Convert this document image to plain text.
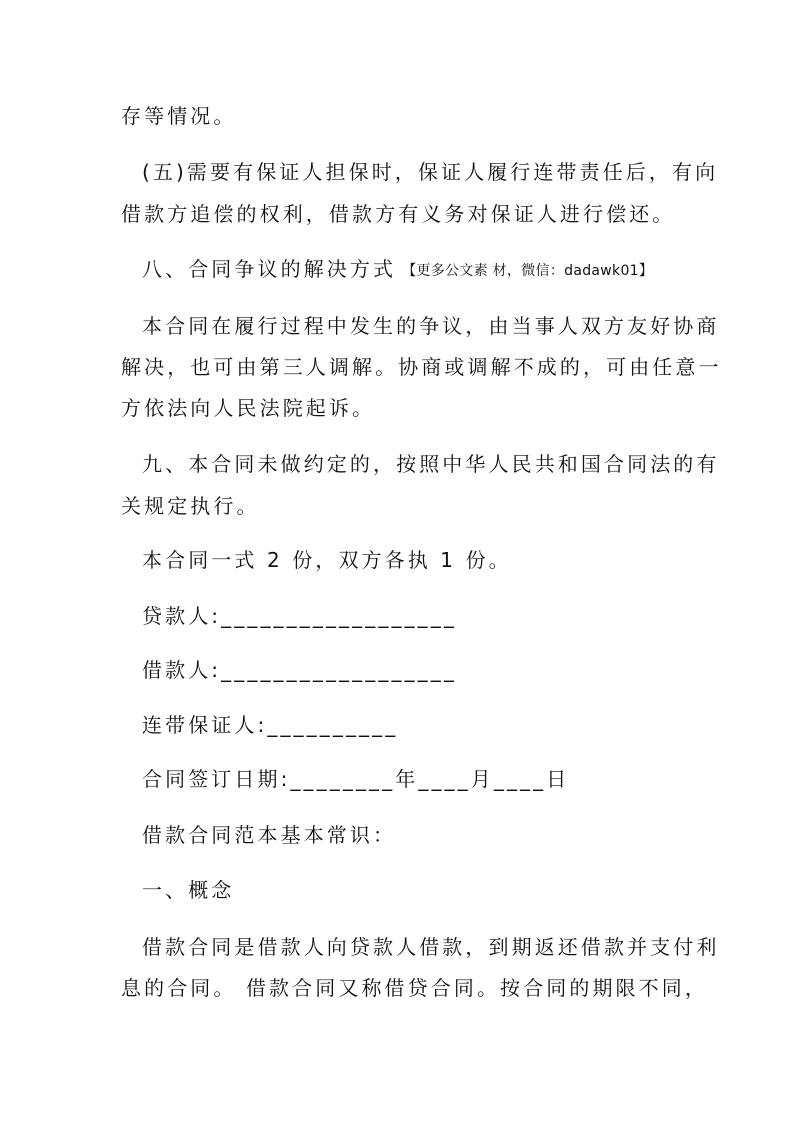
存等情况。
(五)需要有保证人担保时，保证人履行连带责任后，有向
借款方追偿的权利，借款方有义务对保证人进行偿还。
八、合同争议的解决方式 【更多公文素 材，微信：dadawk01】
本合同在履行过程中发生的争议，由当事人双方友好协商
解决，也可由第三人调解。协商或调解不成的，可由任意一
方依法向人民法院起诉。
九、本合同未做约定的，按照中华人民共和国合同法的有
关规定执行。
本合同一式 2 份，双方各执 1 份。
贷款人:__________________
借款人:__________________
连带保证人:__________
合同签订日期:________年____月____日
借款合同范本基本常识：
一、概念
借款合同是借款人向贷款人借款，到期返还借款并支付利
息的合同。 借款合同又称借贷合同。按合同的期限不同，
